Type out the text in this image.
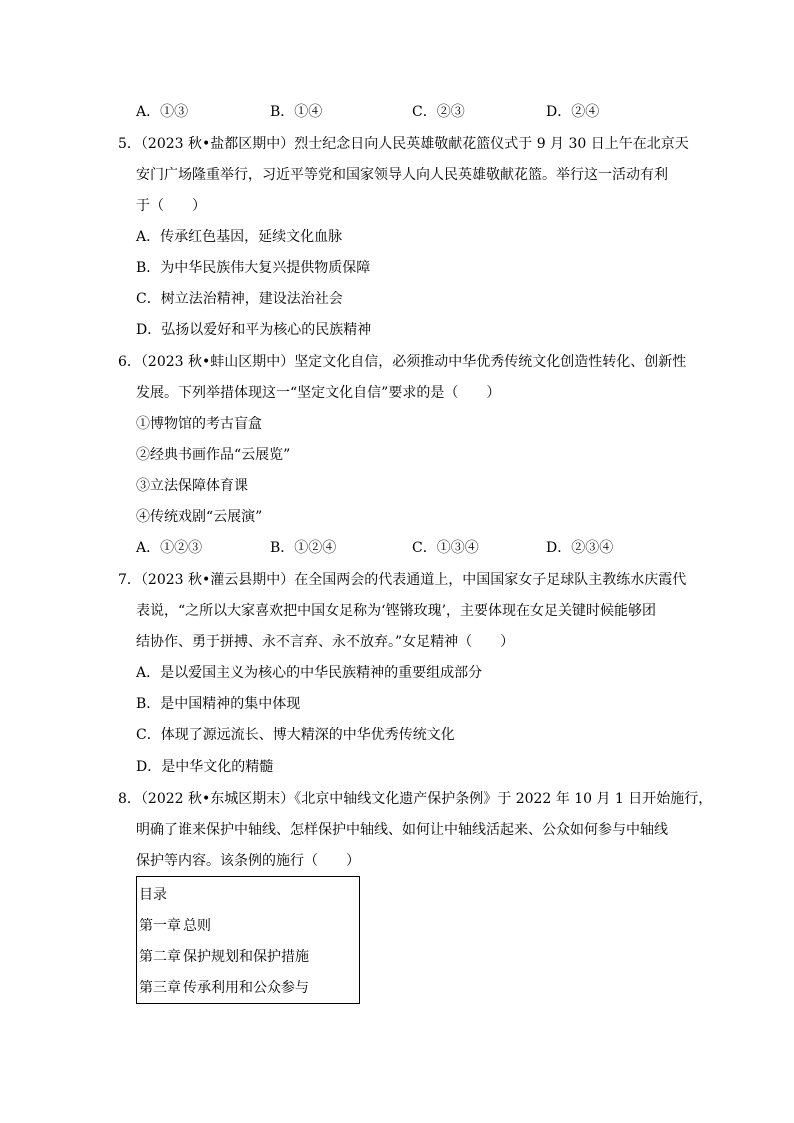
A．①③	B．①④	C．②③	D．②④
5．（2023 秋•盐都区期中）烈士纪念日向人民英雄敬献花篮仪式于 9 月 30 日上午在北京天
安门广场隆重举行，习近平等党和国家领导人向人民英雄敬献花篮。举行这一活动有利
于（　　）
A．传承红色基因，延续文化血脉
B．为中华民族伟大复兴提供物质保障
C．树立法治精神，建设法治社会
D．弘扬以爱好和平为核心的民族精神
6．（2023 秋•蚌山区期中）坚定文化自信，必须推动中华优秀传统文化创造性转化、创新性
发展。下列举措体现这一“坚定文化自信”要求的是（　　）
①博物馆的考古盲盒
②经典书画作品“云展览”
③立法保障体育课
④传统戏剧“云展演”
A．①②③	B．①②④	C．①③④	D．②③④
7．（2023 秋•灌云县期中）在全国两会的代表通道上，中国国家女子足球队主教练水庆霞代
表说，“之所以大家喜欢把中国女足称为‘铿锵玫瑰’，主要体现在女足关键时候能够团
结协作、勇于拼搏、永不言弃、永不放弃。”女足精神（　　）
A．是以爱国主义为核心的中华民族精神的重要组成部分
B．是中国精神的集中体现
C．体现了源远流长、博大精深的中华优秀传统文化
D．是中华文化的精髓
8．（2022 秋•东城区期末）《北京中轴线文化遗产保护条例》于 2022 年 10 月 1 日开始施行，
明确了谁来保护中轴线、怎样保护中轴线、如何让中轴线活起来、公众如何参与中轴线
保护等内容。该条例的施行（　　）
目录
第一章 总则
第二章 保护规划和保护措施
第三章 传承利用和公众参与
